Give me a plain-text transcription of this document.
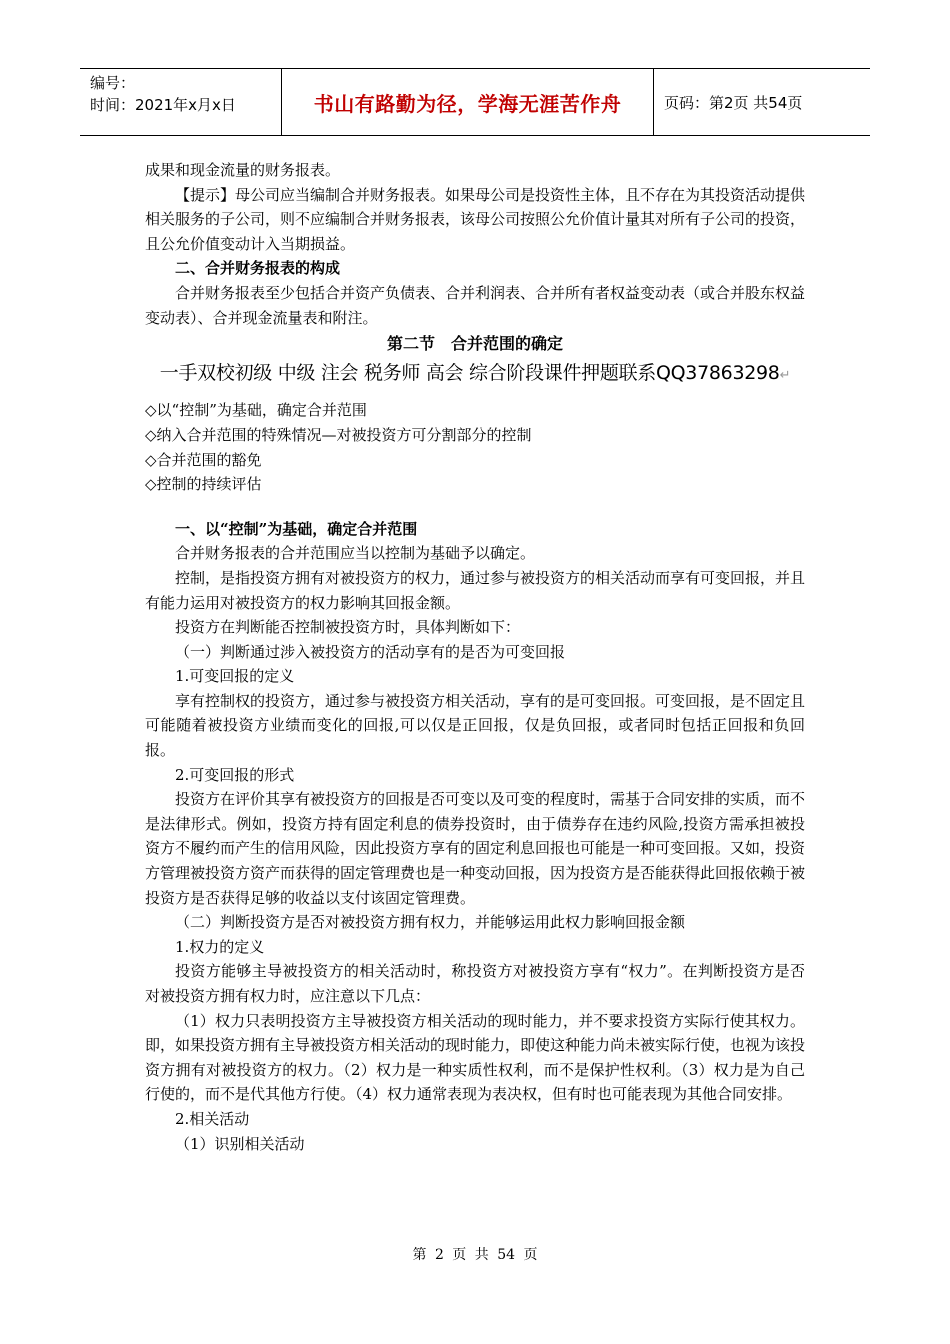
编号：
时间：2021年x月x日	书山有路勤为径，学海无涯苦作舟	页码：第2页 共54页

成果和现金流量的财务报表。

【提示】母公司应当编制合并财务报表。如果母公司是投资性主体，且不存在为其投资活动提供相关服务的子公司，则不应编制合并财务报表，该母公司按照公允价值计量其对所有子公司的投资，且公允价值变动计入当期损益。

二、合并财务报表的构成

合并财务报表至少包括合并资产负债表、合并利润表、合并所有者权益变动表（或合并股东权益变动表）、合并现金流量表和附注。

第二节　合并范围的确定
一手双校初级 中级 注会 税务师 高会 综合阶段课件押题联系QQ37863298↵

◇以“控制”为基础，确定合并范围

◇纳入合并范围的特殊情况—对被投资方可分割部分的控制

◇合并范围的豁免

◇控制的持续评估

一、以“控制”为基础，确定合并范围

合并财务报表的合并范围应当以控制为基础予以确定。

控制，是指投资方拥有对被投资方的权力，通过参与被投资方的相关活动而享有可变回报，并且有能力运用对被投资方的权力影响其回报金额。

投资方在判断能否控制被投资方时，具体判断如下：

（一）判断通过涉入被投资方的活动享有的是否为可变回报

1.可变回报的定义

享有控制权的投资方，通过参与被投资方相关活动，享有的是可变回报。可变回报，是不固定且可能随着被投资方业绩而变化的回报,可以仅是正回报，仅是负回报，或者同时包括正回报和负回报。

2.可变回报的形式

投资方在评价其享有被投资方的回报是否可变以及可变的程度时，需基于合同安排的实质，而不是法律形式。例如，投资方持有固定利息的债券投资时，由于债券存在违约风险,投资方需承担被投资方不履约而产生的信用风险，因此投资方享有的固定利息回报也可能是一种可变回报。又如，投资方管理被投资方资产而获得的固定管理费也是一种变动回报，因为投资方是否能获得此回报依赖于被投资方是否获得足够的收益以支付该固定管理费。

（二）判断投资方是否对被投资方拥有权力，并能够运用此权力影响回报金额

1.权力的定义

投资方能够主导被投资方的相关活动时，称投资方对被投资方享有“权力”。在判断投资方是否对被投资方拥有权力时，应注意以下几点：

（1）权力只表明投资方主导被投资方相关活动的现时能力，并不要求投资方实际行使其权力。即，如果投资方拥有主导被投资方相关活动的现时能力，即使这种能力尚未被实际行使，也视为该投资方拥有对被投资方的权力。（2）权力是一种实质性权利，而不是保护性权利。（3）权力是为自己行使的，而不是代其他方行使。（4）权力通常表现为表决权，但有时也可能表现为其他合同安排。

2.相关活动

（1）识别相关活动

第 2 页 共 54 页
